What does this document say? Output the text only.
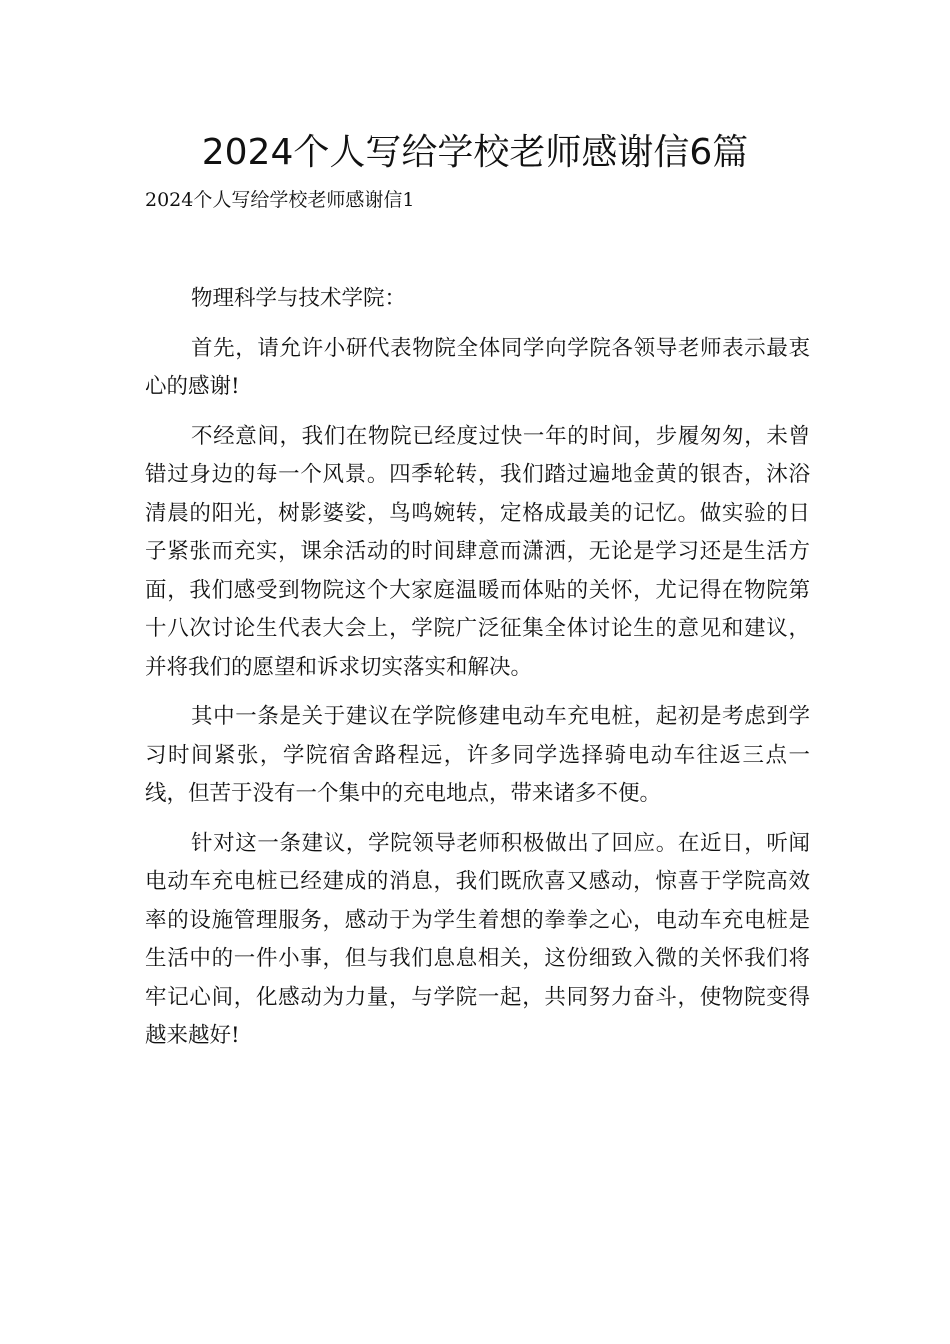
2024个人写给学校老师感谢信6篇
2024个人写给学校老师感谢信1

物理科学与技术学院：

首先，请允许小研代表物院全体同学向学院各领导老师表示最衷心的感谢!

不经意间，我们在物院已经度过快一年的时间，步履匆匆，未曾错过身边的每一个风景。四季轮转，我们踏过遍地金黄的银杏，沐浴清晨的阳光，树影婆娑，鸟鸣婉转，定格成最美的记忆。做实验的日子紧张而充实，课余活动的时间肆意而潇洒，无论是学习还是生活方面，我们感受到物院这个大家庭温暖而体贴的关怀，尤记得在物院第十八次讨论生代表大会上，学院广泛征集全体讨论生的意见和建议，并将我们的愿望和诉求切实落实和解决。

其中一条是关于建议在学院修建电动车充电桩，起初是考虑到学习时间紧张，学院宿舍路程远，许多同学选择骑电动车往返三点一线，但苦于没有一个集中的充电地点，带来诸多不便。

针对这一条建议，学院领导老师积极做出了回应。在近日，听闻电动车充电桩已经建成的消息，我们既欣喜又感动，惊喜于学院高效率的设施管理服务，感动于为学生着想的拳拳之心，电动车充电桩是生活中的一件小事，但与我们息息相关，这份细致入微的关怀我们将牢记心间，化感动为力量，与学院一起，共同努力奋斗，使物院变得越来越好!
